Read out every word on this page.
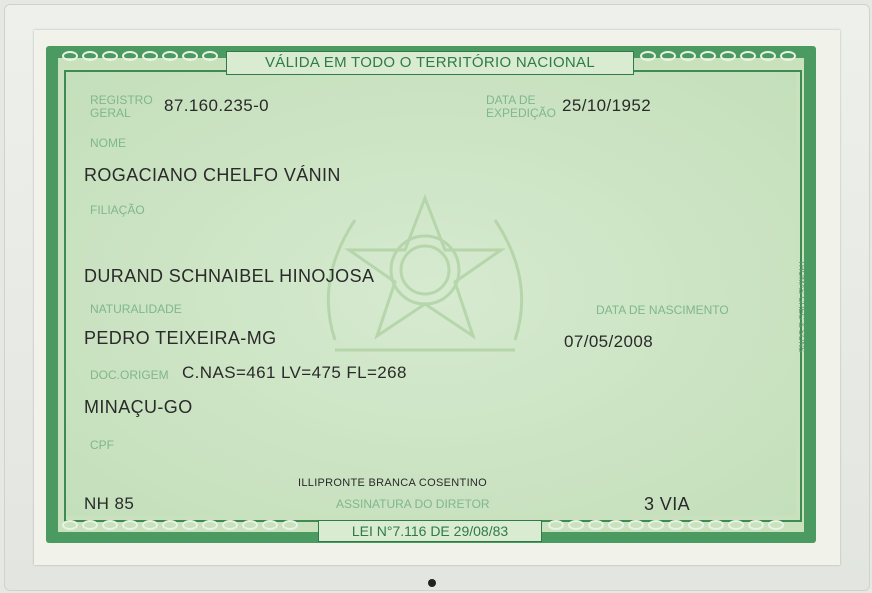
VÁLIDA EM TODO O TERRITÓRIO NACIONAL
LEI N°7.116 DE 29/08/83
REGISTRO
GERAL 87.160.235-0	DATA DE
EXPEDIÇÃO 25/10/1952
NOME
ROGACIANO CHELFO VÁNIN
FILIAÇÃO
DURAND SCHNAIBEL HINOJOSA
NATURALIDADE
PEDRO TEIXEIRA-MG
DATA DE NASCIMENTO
07/05/2008
DOC.ORIGEM C.NAS=461 LV=475 FL=268
MINAÇU-GO
CPF
ILLIPRONTE BRANCA COSENTINO
ASSINATURA DO DIRETOR
NH 85	3 VIA
THOMAS GREG & SONS
